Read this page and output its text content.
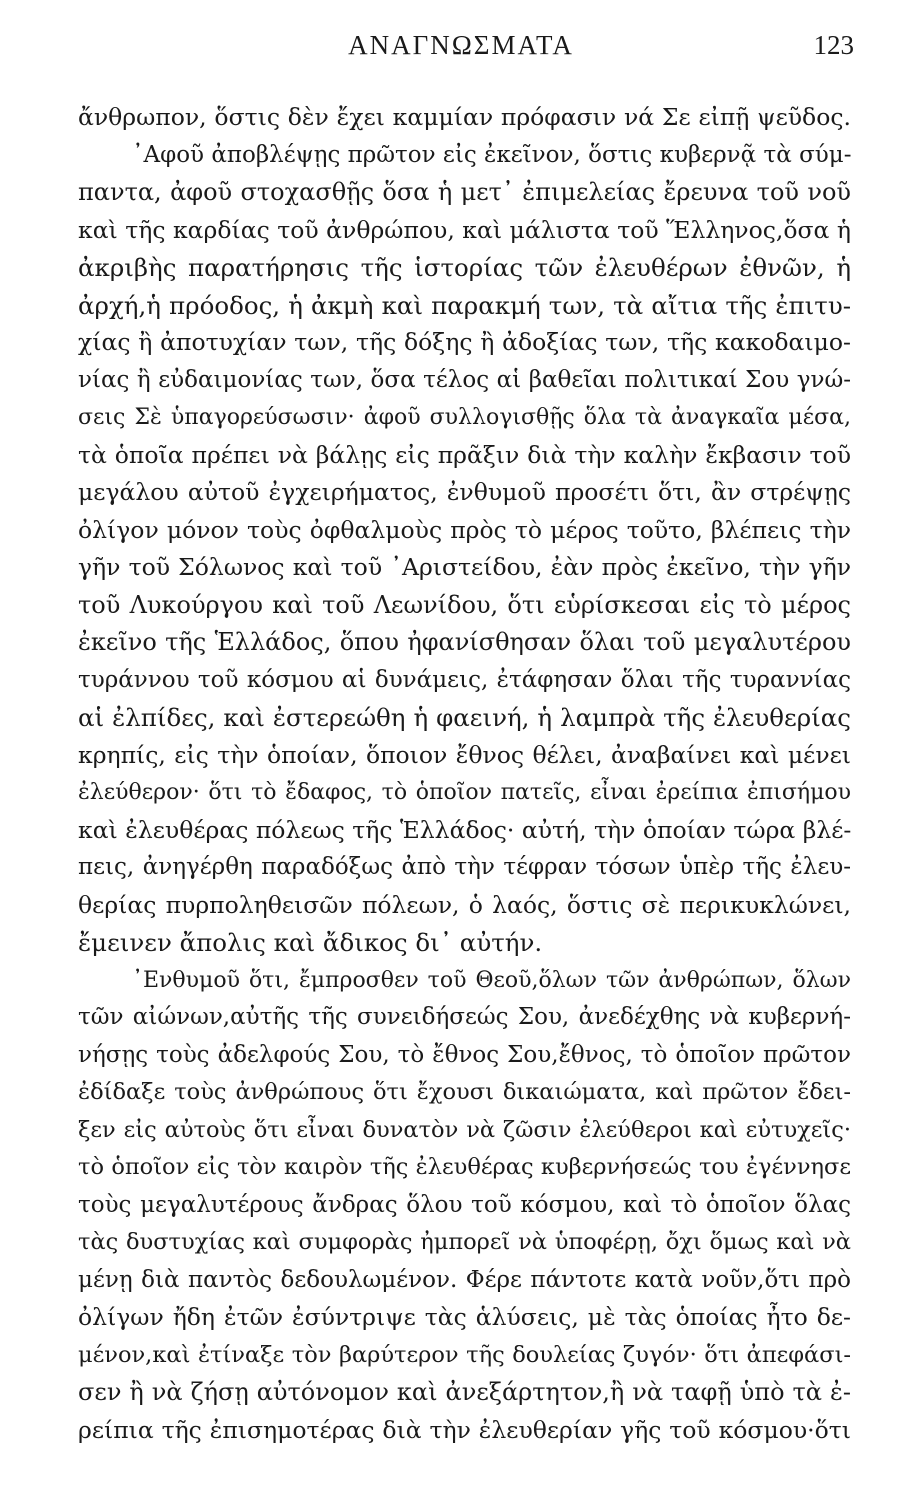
ΑΝΑΓΝΩΣΜΑΤΑ	123
ἄνθρωπον, ὅστις δὲν ἔχει καμμίαν πρόφασιν νά Σε εἰπῇ ψεῦδος.
᾿Αφοῦ ἀποβλέψῃς πρῶτον εἰς ἐκεῖνον, ὅστις κυβερνᾷ τὰ σύμ-
παντα, ἀφοῦ στοχασθῇς ὅσα ἡ μετ᾿ ἐπιμελείας ἔρευνα τοῦ νοῦ
καὶ τῆς καρδίας τοῦ ἀνθρώπου, καὶ μάλιστα τοῦ Ἕλληνος,ὅσα ἡ
ἀκριβὴς παρατήρησις τῆς ἱστορίας τῶν ἐλευθέρων ἐθνῶν, ἡ
ἀρχή,ἡ πρόοδος, ἡ ἀκμὴ καὶ παρακμή των, τὰ αἴτια τῆς ἐπιτυ-
χίας ἢ ἀποτυχίαν των, τῆς δόξης ἢ ἀδοξίας των, τῆς κακοδαιμο-
νίας ἢ εὐδαιμονίας των, ὅσα τέλος αἱ βαθεῖαι πολιτικαί Σου γνώ-
σεις Σὲ ὑπαγορεύσωσιν· ἀφοῦ συλλογισθῇς ὅλα τὰ ἀναγκαῖα μέσα,
τὰ ὁποῖα πρέπει νὰ βάλῃς εἰς πρᾶξιν διὰ τὴν καλὴν ἔκβασιν τοῦ
μεγάλου αὐτοῦ ἐγχειρήματος, ἐνθυμοῦ προσέτι ὅτι, ἂν στρέψῃς
ὀλίγον μόνον τοὺς ὀφθαλμοὺς πρὸς τὸ μέρος τοῦτο, βλέπεις τὴν
γῆν τοῦ Σόλωνος καὶ τοῦ ᾿Αριστείδου, ἐὰν πρὸς ἐκεῖνο, τὴν γῆν
τοῦ Λυκούργου καὶ τοῦ Λεωνίδου, ὅτι εὑρίσκεσαι εἰς τὸ μέρος
ἐκεῖνο τῆς Ἑλλάδος, ὅπου ἠφανίσθησαν ὅλαι τοῦ μεγαλυτέρου
τυράννου τοῦ κόσμου αἱ δυνάμεις, ἐτάφησαν ὅλαι τῆς τυραννίας
αἱ ἐλπίδες, καὶ ἐστερεώθη ἡ φαεινή, ἡ λαμπρὰ τῆς ἐλευθερίας
κρηπίς, εἰς τὴν ὁποίαν, ὅποιον ἔθνος θέλει, ἀναβαίνει καὶ μένει
ἐλεύθερον· ὅτι τὸ ἔδαφος, τὸ ὁποῖον πατεῖς, εἶναι ἐρείπια ἐπισήμου
καὶ ἐλευθέρας πόλεως τῆς Ἑλλάδος· αὐτή, τὴν ὁποίαν τώρα βλέ-
πεις, ἀνηγέρθη παραδόξως ἀπὸ τὴν τέφραν τόσων ὑπὲρ τῆς ἐλευ-
θερίας πυρποληθεισῶν πόλεων, ὁ λαός, ὅστις σὲ περικυκλώνει,
ἔμεινεν ἄπολις καὶ ἄδικος δι᾿ αὐτήν.
᾿Ενθυμοῦ ὅτι, ἔμπροσθεν τοῦ Θεοῦ,ὅλων τῶν ἀνθρώπων, ὅλων
τῶν αἰώνων,αὐτῆς τῆς συνειδήσεώς Σου, ἀνεδέχθης νὰ κυβερνή-
νήσῃς τοὺς ἀδελφούς Σου, τὸ ἔθνος Σου,ἔθνος, τὸ ὁποῖον πρῶτον
ἐδίδαξε τοὺς ἀνθρώπους ὅτι ἔχουσι δικαιώματα, καὶ πρῶτον ἔδει-
ξεν εἰς αὐτοὺς ὅτι εἶναι δυνατὸν νὰ ζῶσιν ἐλεύθεροι καὶ εὐτυχεῖς·
τὸ ὁποῖον εἰς τὸν καιρὸν τῆς ἐλευθέρας κυβερνήσεώς του ἐγέννησε
τοὺς μεγαλυτέρους ἄνδρας ὅλου τοῦ κόσμου, καὶ τὸ ὁποῖον ὅλας
τὰς δυστυχίας καὶ συμφορὰς ἠμπορεῖ νὰ ὑποφέρῃ, ὄχι ὅμως καὶ νὰ
μένῃ διὰ παντὸς δεδουλωμένον. Φέρε πάντοτε κατὰ νοῦν,ὅτι πρὸ
ὀλίγων ἤδη ἐτῶν ἐσύντριψε τὰς ἁλύσεις, μὲ τὰς ὁποίας ἦτο δε-
μένον,καὶ ἐτίναξε τὸν βαρύτερον τῆς δουλείας ζυγόν· ὅτι ἀπεφάσι-
σεν ἢ νὰ ζήσῃ αὐτόνομον καὶ ἀνεξάρτητον,ἢ νὰ ταφῇ ὑπὸ τὰ ἐ-
ρείπια τῆς ἐπισημοτέρας διὰ τὴν ἐλευθερίαν γῆς τοῦ κόσμου·ὅτι
